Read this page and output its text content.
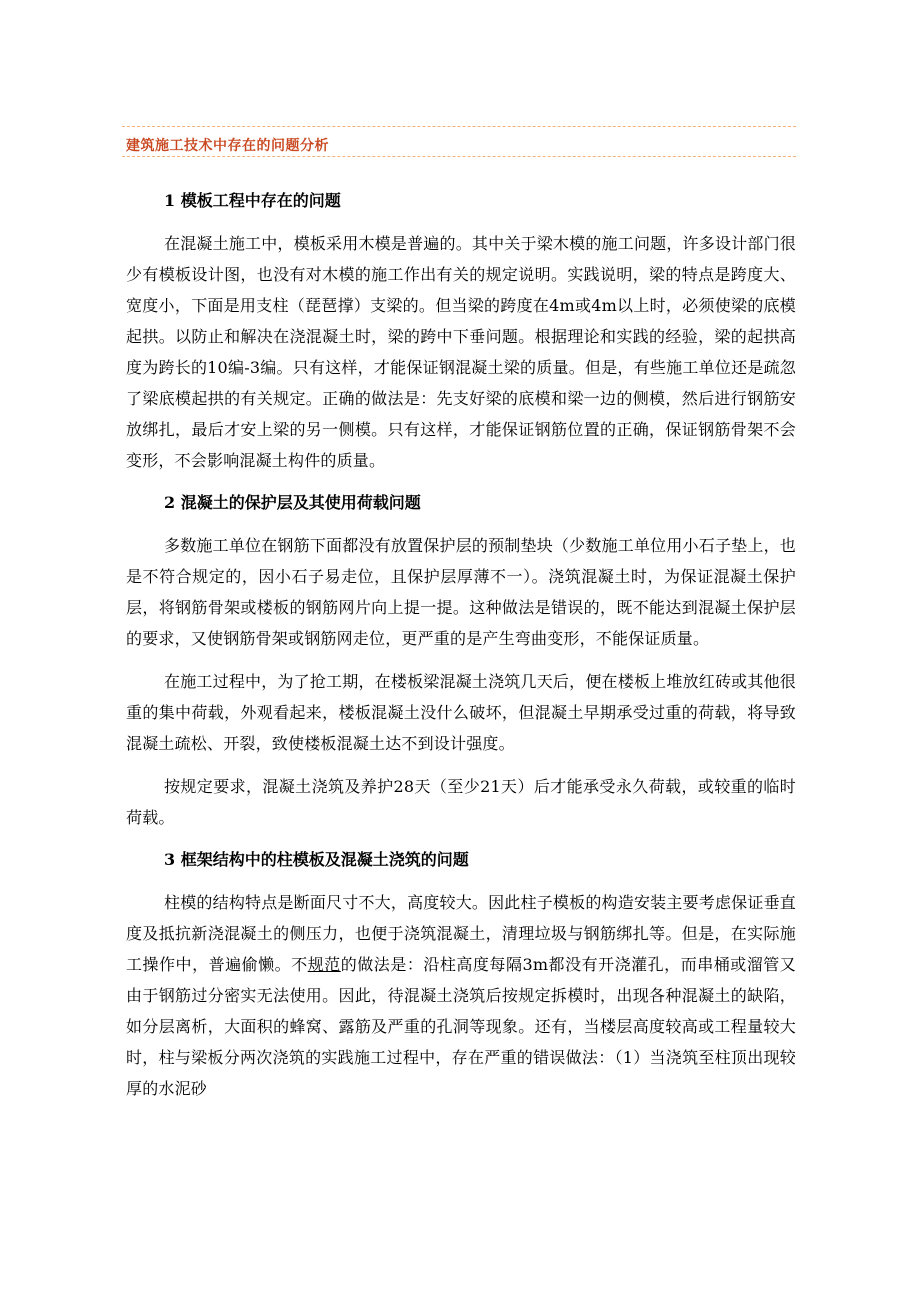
建筑施工技术中存在的问题分析
1 模板工程中存在的问题

在混凝土施工中，模板采用木模是普遍的。其中关于梁木模的施工问题，许多设计部门很少有模板设计图，也没有对木模的施工作出有关的规定说明。实践说明，梁的特点是跨度大、宽度小，下面是用支柱（琵琶撑）支梁的。但当梁的跨度在4m或4m以上时，必须使梁的底模起拱。以防止和解决在浇混凝土时，梁的跨中下垂问题。根据理论和实践的经验，梁的起拱高度为跨长的10编-3编。只有这样，才能保证钢混凝土梁的质量。但是，有些施工单位还是疏忽了梁底模起拱的有关规定。正确的做法是：先支好梁的底模和梁一边的侧模，然后进行钢筋安放绑扎，最后才安上梁的另一侧模。只有这样，才能保证钢筋位置的正确，保证钢筋骨架不会变形，不会影响混凝土构件的质量。

2 混凝土的保护层及其使用荷载问题

多数施工单位在钢筋下面都没有放置保护层的预制垫块（少数施工单位用小石子垫上，也是不符合规定的，因小石子易走位，且保护层厚薄不一）。浇筑混凝土时，为保证混凝土保护层，将钢筋骨架或楼板的钢筋网片向上提一提。这种做法是错误的，既不能达到混凝土保护层的要求，又使钢筋骨架或钢筋网走位，更严重的是产生弯曲变形，不能保证质量。

在施工过程中，为了抢工期，在楼板梁混凝土浇筑几天后，便在楼板上堆放红砖或其他很重的集中荷载，外观看起来，楼板混凝土没什么破坏，但混凝土早期承受过重的荷载，将导致混凝土疏松、开裂，致使楼板混凝土达不到设计强度。

按规定要求，混凝土浇筑及养护28天（至少21天）后才能承受永久荷载，或较重的临时荷载。

3 框架结构中的柱模板及混凝土浇筑的问题

柱模的结构特点是断面尺寸不大，高度较大。因此柱子模板的构造安装主要考虑保证垂直度及抵抗新浇混凝土的侧压力，也便于浇筑混凝土，清理垃圾与钢筋绑扎等。但是，在实际施工操作中，普遍偷懒。不规范的做法是：沿柱高度每隔3m都没有开浇灌孔，而串桶或溜管又由于钢筋过分密实无法使用。因此，待混凝土浇筑后按规定拆模时，出现各种混凝土的缺陷，如分层离析，大面积的蜂窝、露筋及严重的孔洞等现象。还有，当楼层高度较高或工程量较大时，柱与梁板分两次浇筑的实践施工过程中，存在严重的错误做法：（1）当浇筑至柱顶出现较厚的水泥砂
